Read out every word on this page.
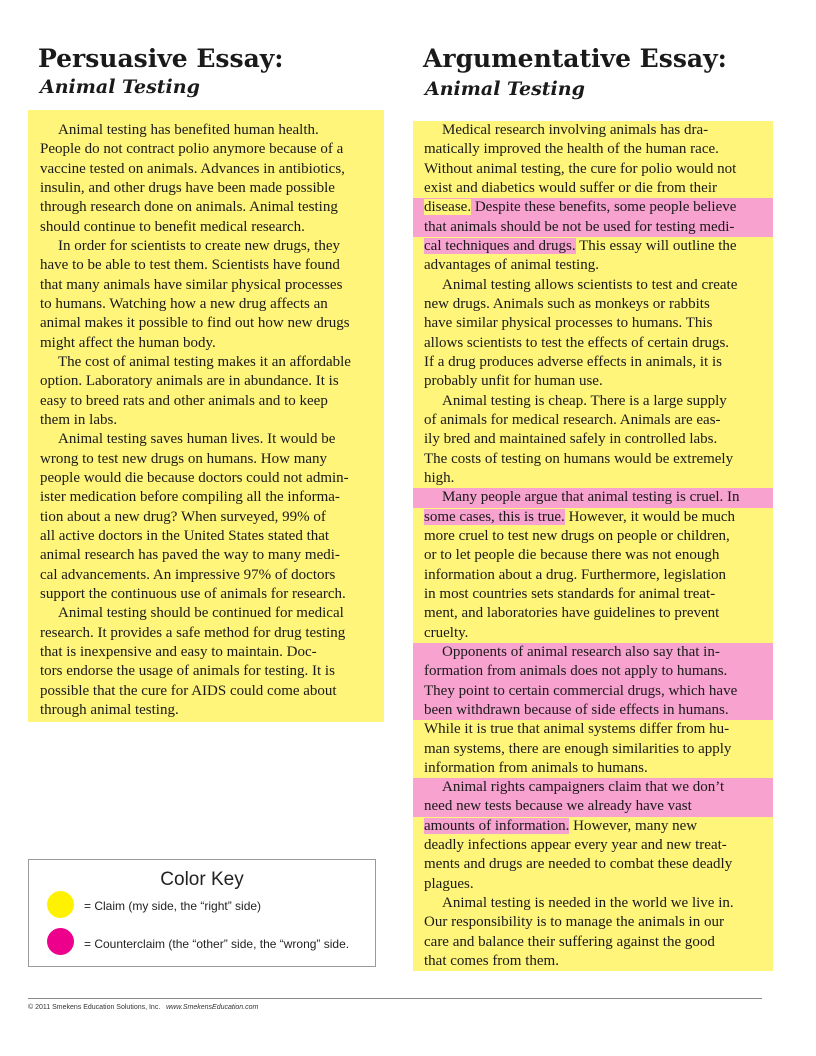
Persuasive Essay:
Animal Testing
Animal testing has benefited human health.
People do not contract polio anymore because of a
vaccine tested on animals. Advances in antibiotics,
insulin, and other drugs have been made possible
through research done on animals. Animal testing
should continue to benefit medical research.
In order for scientists to create new drugs, they
have to be able to test them. Scientists have found
that many animals have similar physical processes
to humans. Watching how a new drug affects an
animal makes it possible to find out how new drugs
might affect the human body.
The cost of animal testing makes it an affordable
option. Laboratory animals are in abundance. It is
easy to breed rats and other animals and to keep
them in labs.
Animal testing saves human lives. It would be
wrong to test new drugs on humans. How many
people would die because doctors could not admin-
ister medication before compiling all the informa-
tion about a new drug? When surveyed, 99% of
all active doctors in the United States stated that
animal research has paved the way to many medi-
cal advancements. An impressive 97% of doctors
support the continuous use of animals for research.
Animal testing should be continued for medical
research. It provides a safe method for drug testing
that is inexpensive and easy to maintain. Doc-
tors endorse the usage of animals for testing. It is
possible that the cure for AIDS could come about
through animal testing.
Argumentative Essay:
Animal Testing
Medical research involving animals has dra-
matically improved the health of the human race.
Without animal testing, the cure for polio would not
exist and diabetics would suffer or die from their
disease. Despite these benefits, some people believe
that animals should be not be used for testing medi-
cal techniques and drugs. This essay will outline the
advantages of animal testing.
Animal testing allows scientists to test and create
new drugs. Animals such as monkeys or rabbits
have similar physical processes to humans. This
allows scientists to test the effects of certain drugs.
If a drug produces adverse effects in animals, it is
probably unfit for human use.
Animal testing is cheap. There is a large supply
of animals for medical research. Animals are eas-
ily bred and maintained safely in controlled labs.
The costs of testing on humans would be extremely
high.
Many people argue that animal testing is cruel. In
some cases, this is true. However, it would be much
more cruel to test new drugs on people or children,
or to let people die because there was not enough
information about a drug. Furthermore, legislation
in most countries sets standards for animal treat-
ment, and laboratories have guidelines to prevent
cruelty.
Opponents of animal research also say that in-
formation from animals does not apply to humans.
They point to certain commercial drugs, which have
been withdrawn because of side effects in humans.
While it is true that animal systems differ from hu-
man systems, there are enough similarities to apply
information from animals to humans.
Animal rights campaigners claim that we don’t
need new tests because we already have vast
amounts of information. However, many new
deadly infections appear every year and new treat-
ments and drugs are needed to combat these deadly
plagues.
Animal testing is needed in the world we live in.
Our responsibility is to manage the animals in our
care and balance their suffering against the good
that comes from them.
Color Key
= Claim (my side, the “right” side)
= Counterclaim (the “other” side, the “wrong” side.
© 2011 Smekens Education Solutions, Inc. www.SmekensEducation.com
